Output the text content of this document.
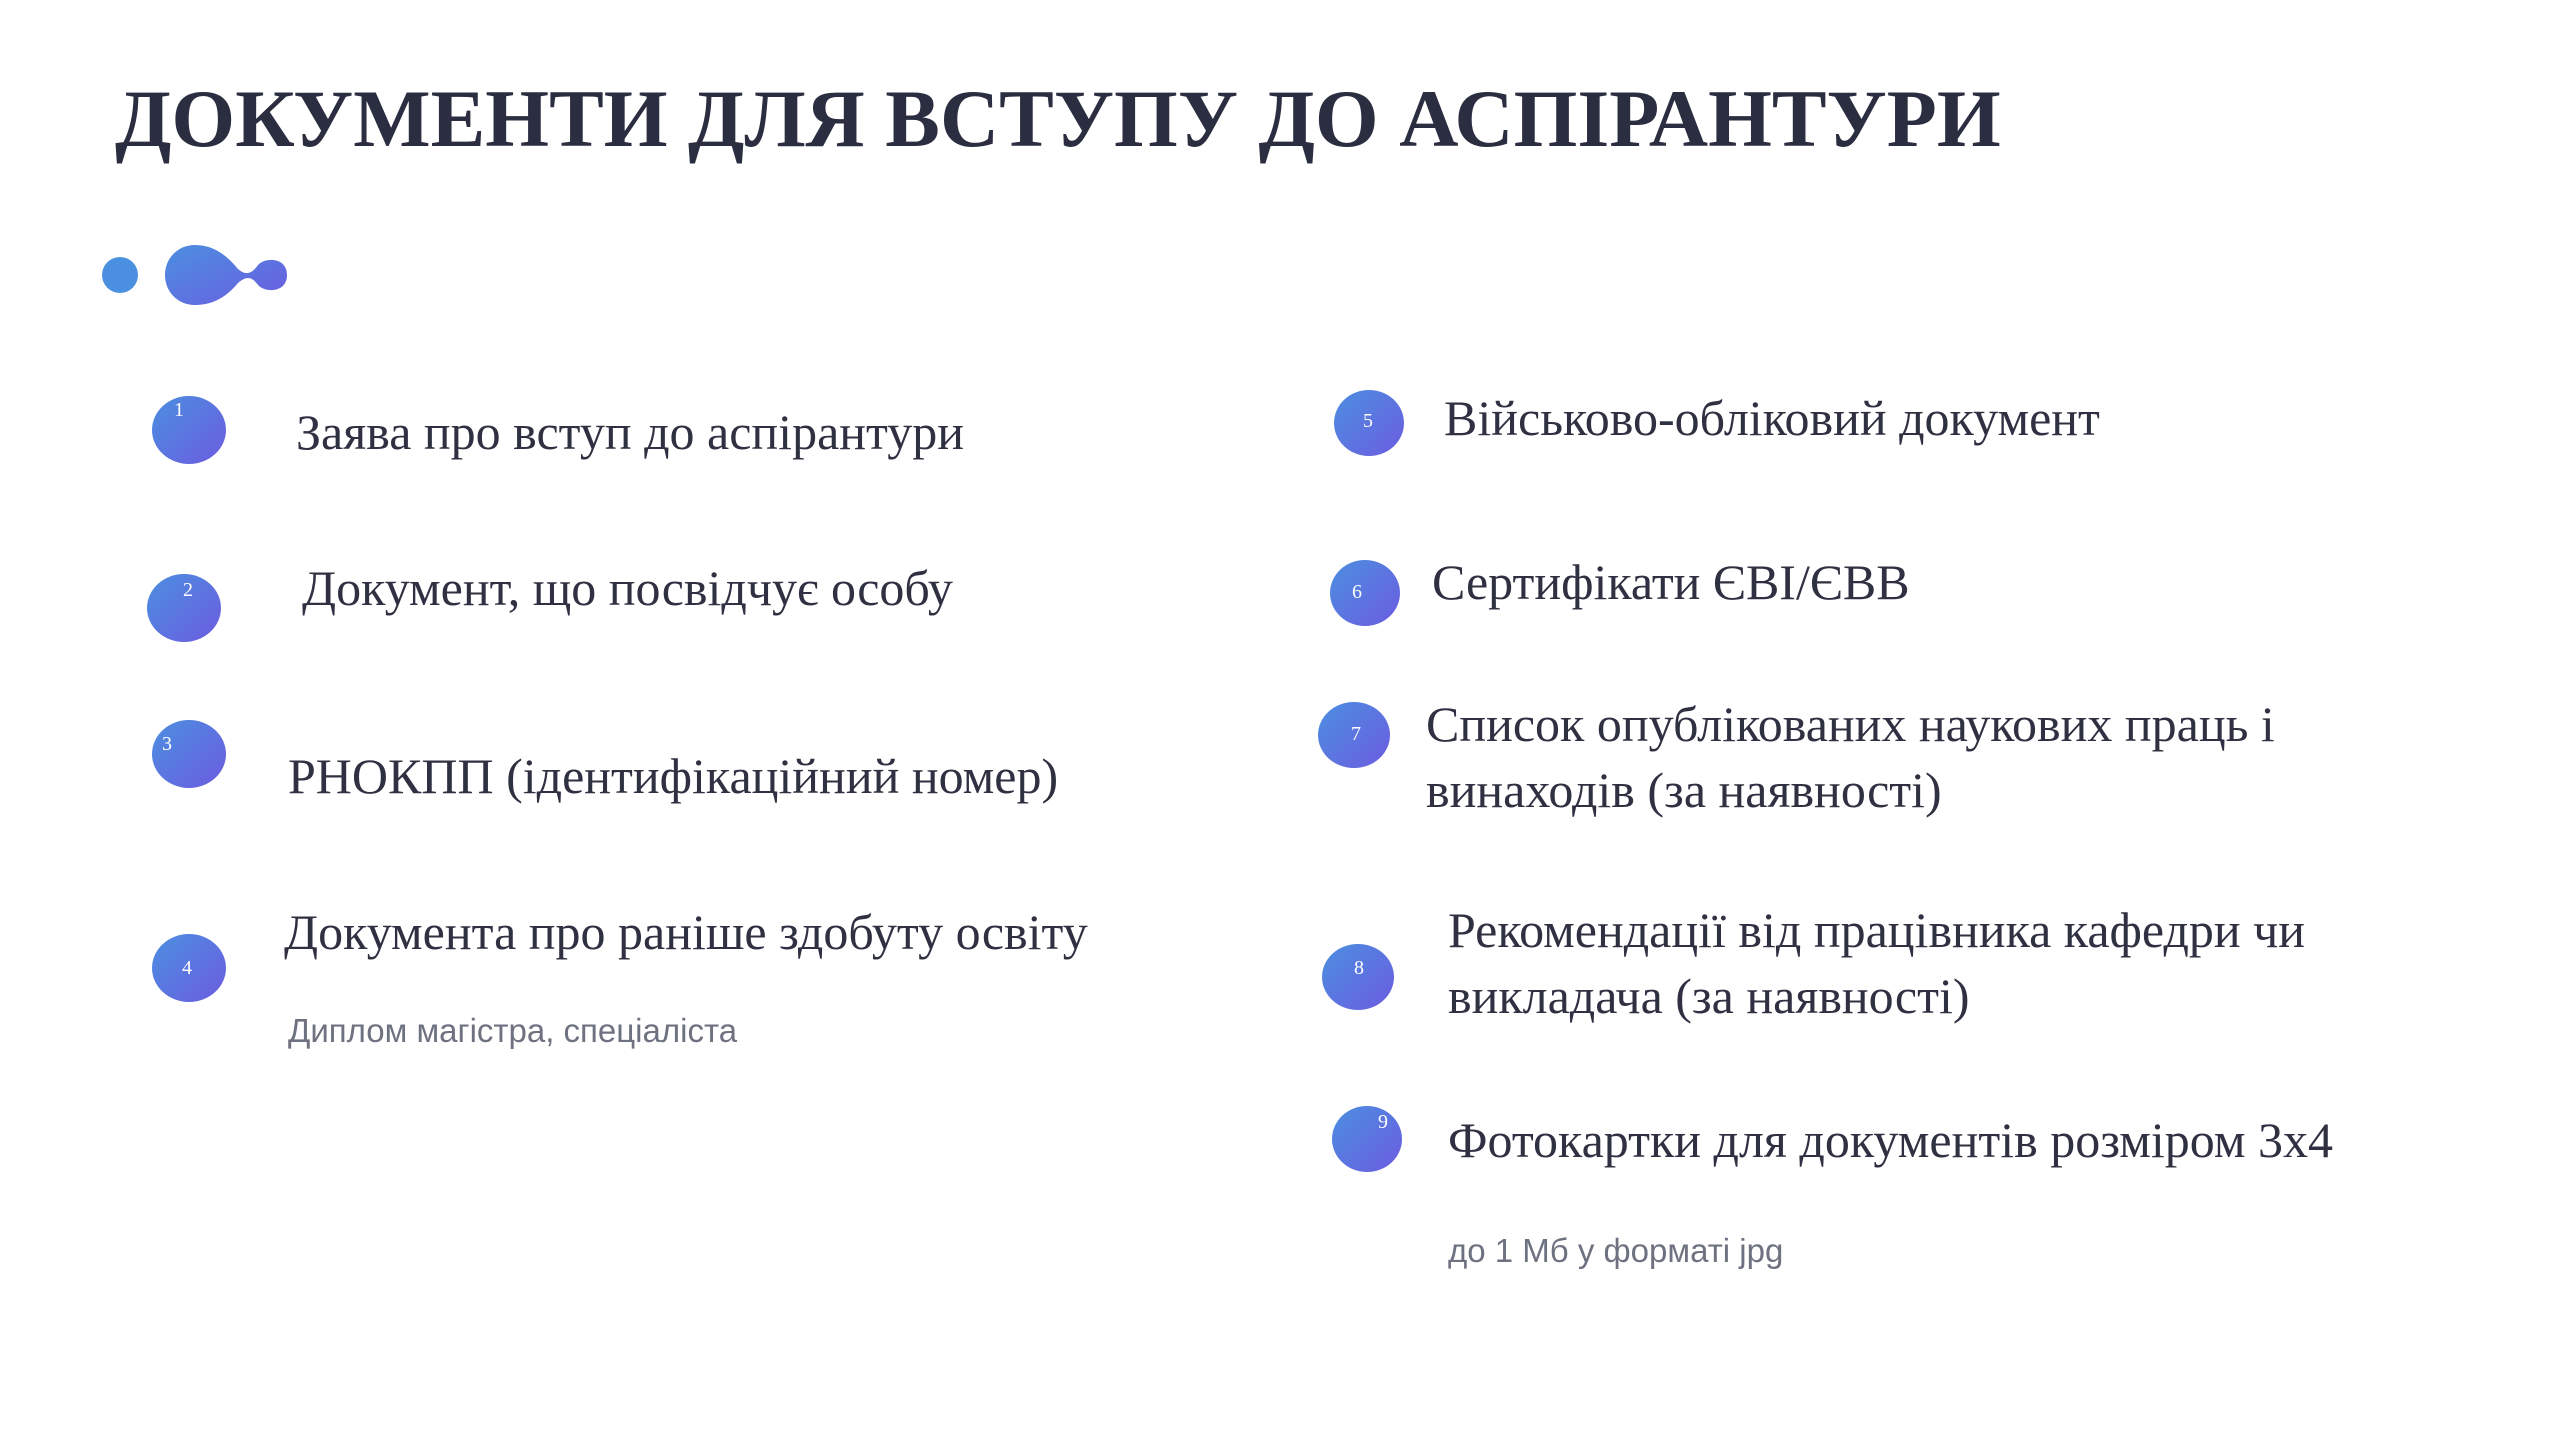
ДОКУМЕНТИ ДЛЯ ВСТУПУ ДО АСПІРАНТУРИ
1 Заява про вступ до аспірантури
2 Документ, що посвідчує особу
3
РНОКПП (ідентифікаційний номер)
4
Документа про раніше здобуту освіту
Диплом магістра, спеціаліста
5 Військово-обліковий документ
6 Сертифікати ЄВІ/ЄВВ
7 Список опублікованих наукових праць і
винаходів (за наявності)
8
Рекомендації від працівника кафедри чи
викладача (за наявності)
9 Фотокартки для документів розміром 3х4
до 1 Мб у форматі jpg
